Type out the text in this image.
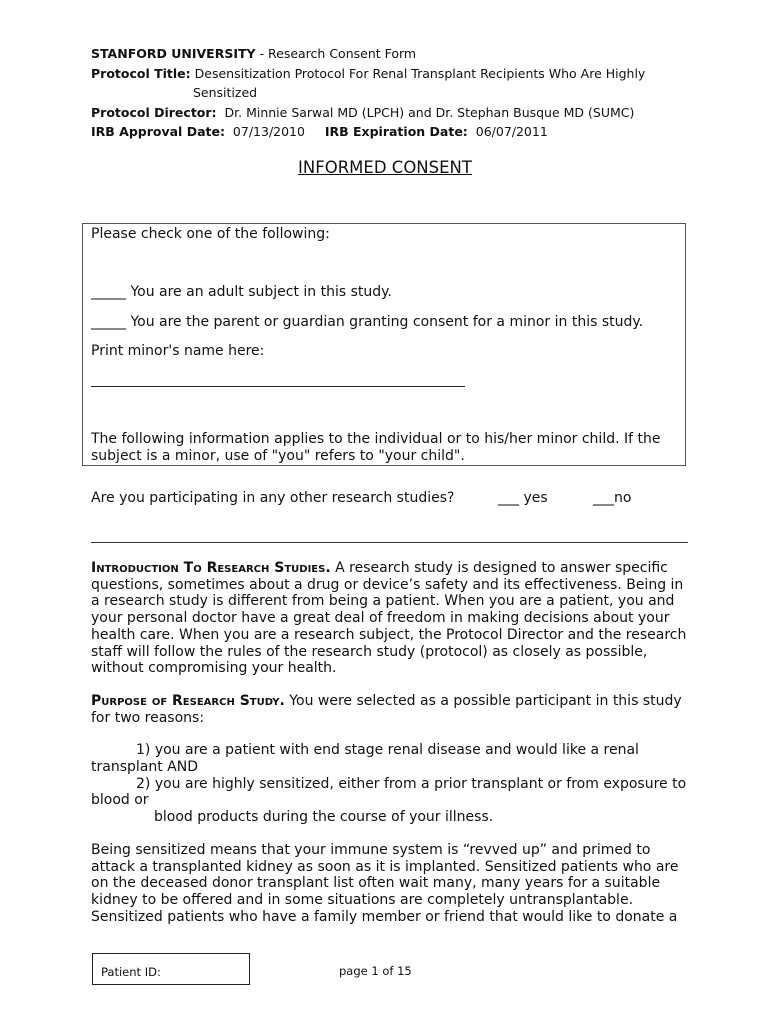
STANFORD UNIVERSITY - Research Consent Form
Protocol Title: Desensitization Protocol For Renal Transplant Recipients Who Are Highly
Sensitized
Protocol Director: Dr. Minnie Sarwal MD (LPCH) and Dr. Stephan Busque MD (SUMC)
IRB Approval Date: 07/13/2010 IRB Expiration Date: 06/07/2011
INFORMED CONSENT
Please check one of the following:
_____ You are an adult subject in this study.
_____ You are the parent or guardian granting consent for a minor in this study.
Print minor's name here:
The following information applies to the individual or to his/her minor child. If the
subject is a minor, use of "you" refers to "your child".
Are you participating in any other research studies?	___ yes	___no
Introduction To Research Studies. A research study is designed to answer specific questions, sometimes about a drug or device’s safety and its effectiveness. Being in a research study is different from being a patient. When you are a patient, you and your personal doctor have a great deal of freedom in making decisions about your health care. When you are a research subject, the Protocol Director and the research staff will follow the rules of the research study (protocol) as closely as possible, without compromising your health.
Purpose of Research Study. You were selected as a possible participant in this study for two reasons:
1) you are a patient with end stage renal disease and would like a renal
transplant AND
2) you are highly sensitized, either from a prior transplant or from exposure to
blood or
blood products during the course of your illness.
Being sensitized means that your immune system is “revved up” and primed to attack a transplanted kidney as soon as it is implanted. Sensitized patients who are on the deceased donor transplant list often wait many, many years for a suitable kidney to be offered and in some situations are completely untransplantable. Sensitized patients who have a family member or friend that would like to donate a
Patient ID:	page 1 of 15
